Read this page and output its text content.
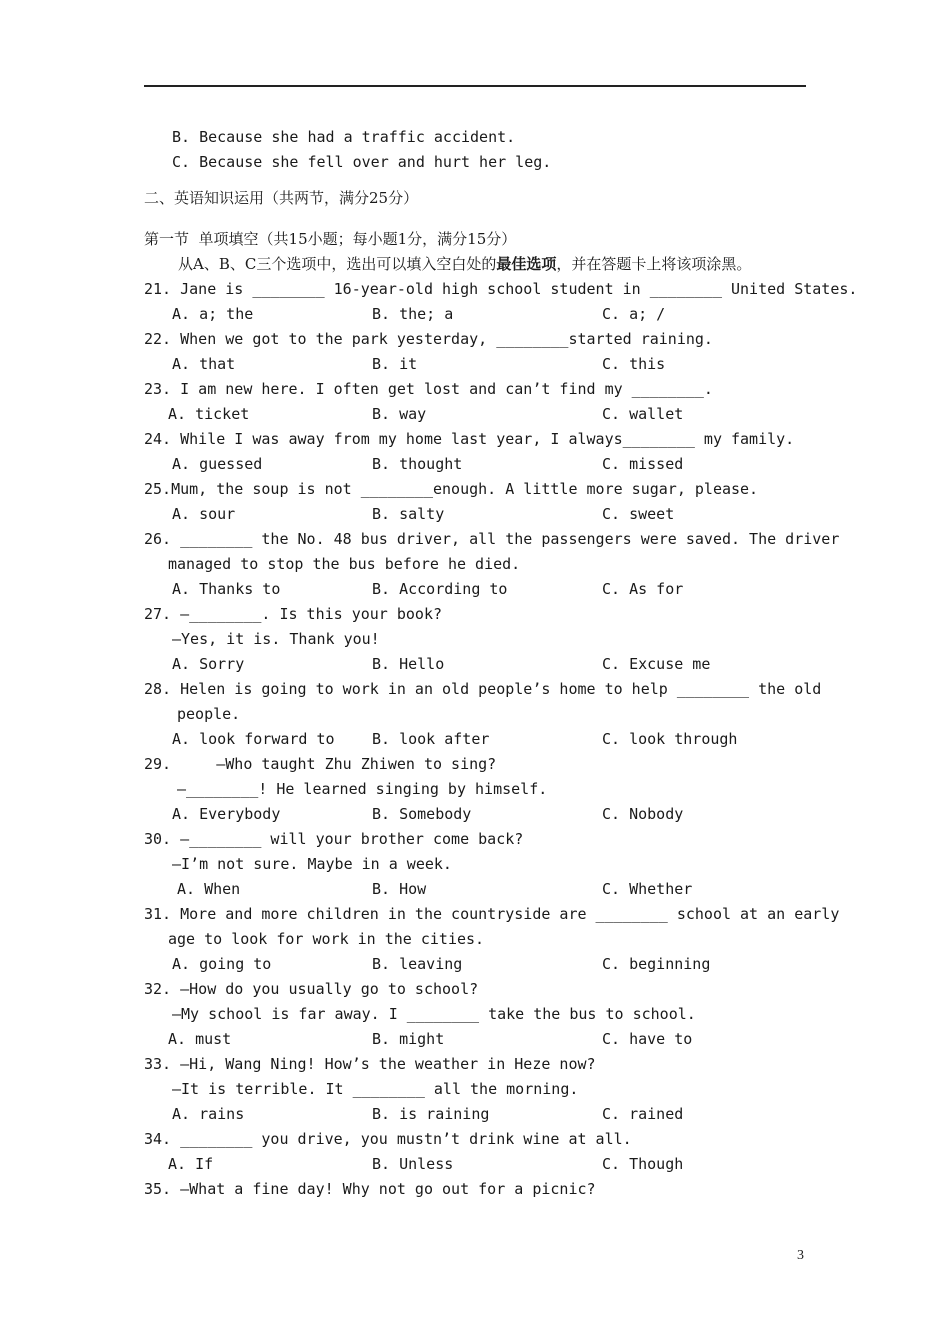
B. Because she had a traffic accident.
C. Because she fell over and hurt her leg.
二、英语知识运用（共两节，满分25分）
第一节  单项填空（共15小题；每小题1分，满分15分）
从A、B、C三个选项中，选出可以填入空白处的最佳选项，并在答题卡上将该项涂黑。
21. Jane is ________ 16-year-old high school student in ________ United States.
A. a; the	B. the; a	C. a; /
22. When we got to the park yesterday, ________started raining.
A. that	B. it	C. this
23. I am new here. I often get lost and can’t find my ________.
A. ticket	B. way	C. wallet
24. While I was away from my home last year, I always________ my family.
A. guessed	B. thought	C. missed
25.Mum, the soup is not ________enough. A little more sugar, please.
A. sour	B. salty	C. sweet
26. ________ the No. 48 bus driver, all the passengers were saved. The driver
managed to stop the bus before he died.
A. Thanks to	B. According to	C. As for
27. —________. Is this your book?
—Yes, it is. Thank you!
A. Sorry	B. Hello	C. Excuse me
28. Helen is going to work in an old people’s home to help ________ the old
people.
A. look forward to B. look after	C. look through
29.     —Who taught Zhu Zhiwen to sing?
—________! He learned singing by himself.
A. Everybody	B. Somebody	C. Nobody
30. —________ will your brother come back?
—I’m not sure. Maybe in a week.
A. When	B. How	C. Whether
31. More and more children in the countryside are ________ school at an early
age to look for work in the cities.
A. going to	B. leaving	C. beginning
32. —How do you usually go to school?
—My school is far away. I ________ take the bus to school.
A. must	B. might	C. have to
33. —Hi, Wang Ning! How’s the weather in Heze now?
—It is terrible. It ________ all the morning.
A. rains	B. is raining	C. rained
34. ________ you drive, you mustn’t drink wine at all.
A. If	B. Unless	C. Though
35. —What a fine day! Why not go out for a picnic?
3
